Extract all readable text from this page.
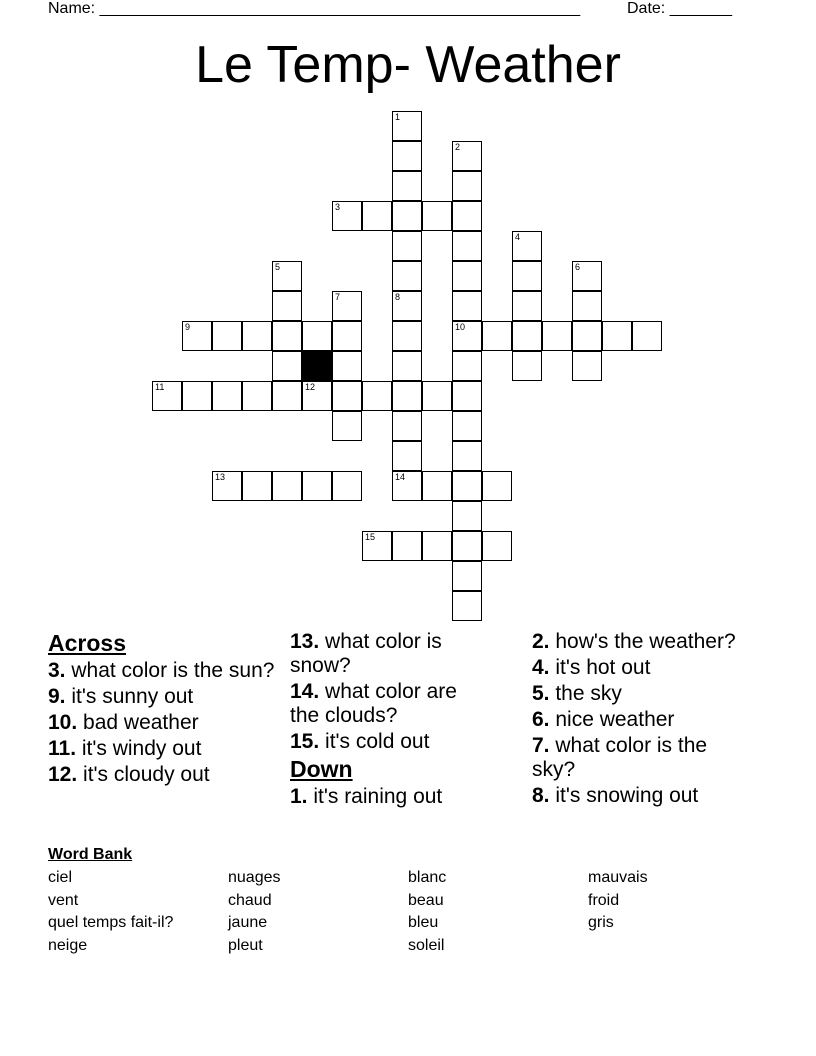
Name: ______________________________________________________	Date: _______
Le Temp- Weather
1
2
10
3
4
5	6
7	8
9
11	12
13	14
15
Across
3. what color is the sun?
9. it's sunny out
10. bad weather
11. it's windy out
12. it's cloudy out
13. what color is snow?
14. what color are the clouds?
15. it's cold out
Down
1. it's raining out
2. how's the weather?
4. it's hot out
5. the sky
6. nice weather
7. what color is the sky?
8. it's snowing out
Word Bank
ciel	nuages	blanc	mauvais
vent	chaud	beau	froid
quel temps fait-il?	jaune	bleu	gris
neige	pleut	soleil
